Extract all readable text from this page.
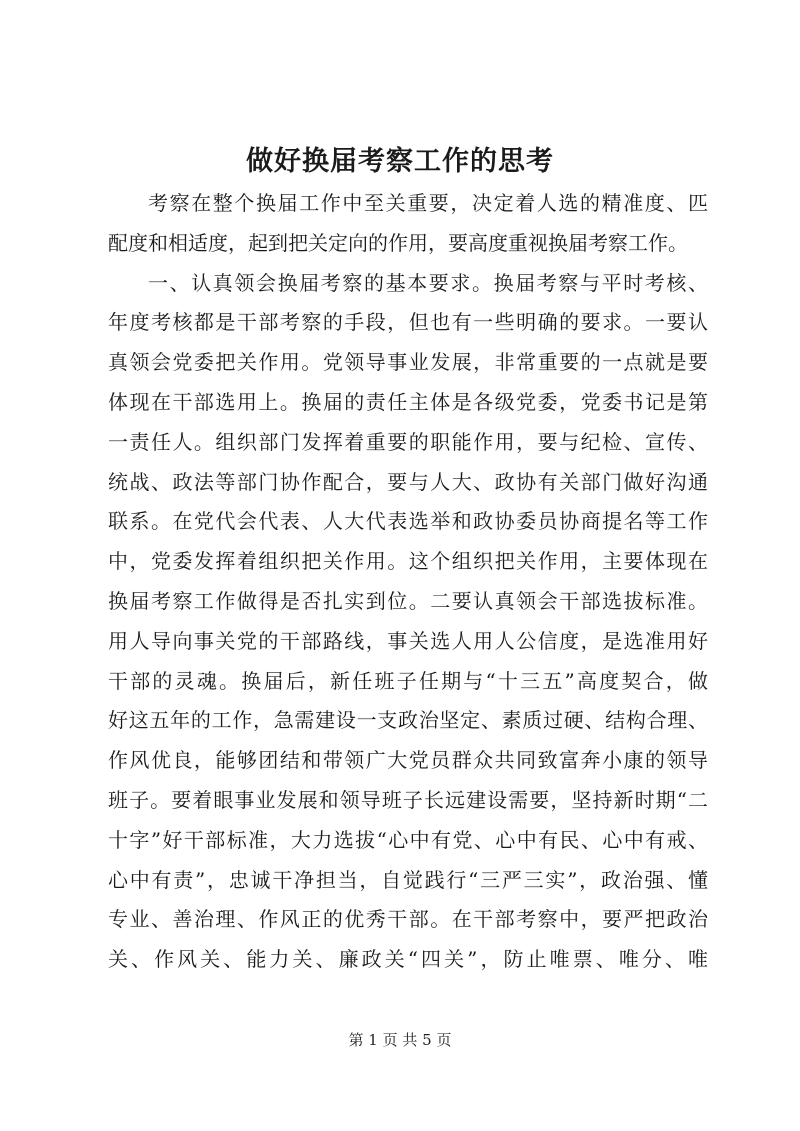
做好换届考察工作的思考
考察在整个换届工作中至关重要，决定着人选的精准度、匹
配度和相适度，起到把关定向的作用，要高度重视换届考察工作。
一、认真领会换届考察的基本要求。换届考察与平时考核、
年度考核都是干部考察的手段，但也有一些明确的要求。一要认
真领会党委把关作用。党领导事业发展，非常重要的一点就是要
体现在干部选用上。换届的责任主体是各级党委，党委书记是第
一责任人。组织部门发挥着重要的职能作用，要与纪检、宣传、
统战、政法等部门协作配合，要与人大、政协有关部门做好沟通
联系。在党代会代表、人大代表选举和政协委员协商提名等工作
中，党委发挥着组织把关作用。这个组织把关作用，主要体现在
换届考察工作做得是否扎实到位。二要认真领会干部选拔标准。
用人导向事关党的干部路线，事关选人用人公信度，是选准用好
干部的灵魂。换届后，新任班子任期与“十三五”高度契合，做
好这五年的工作，急需建设一支政治坚定、素质过硬、结构合理、
作风优良，能够团结和带领广大党员群众共同致富奔小康的领导
班子。要着眼事业发展和领导班子长远建设需要，坚持新时期“二
十字”好干部标准，大力选拔“心中有党、心中有民、心中有戒、
心中有责”，忠诚干净担当，自觉践行“三严三实”，政治强、懂
专业、善治理、作风正的优秀干部。在干部考察中，要严把政治
关、作风关、能力关、廉政关“四关”，防止唯票、唯分、唯
第 1 页 共 5 页
